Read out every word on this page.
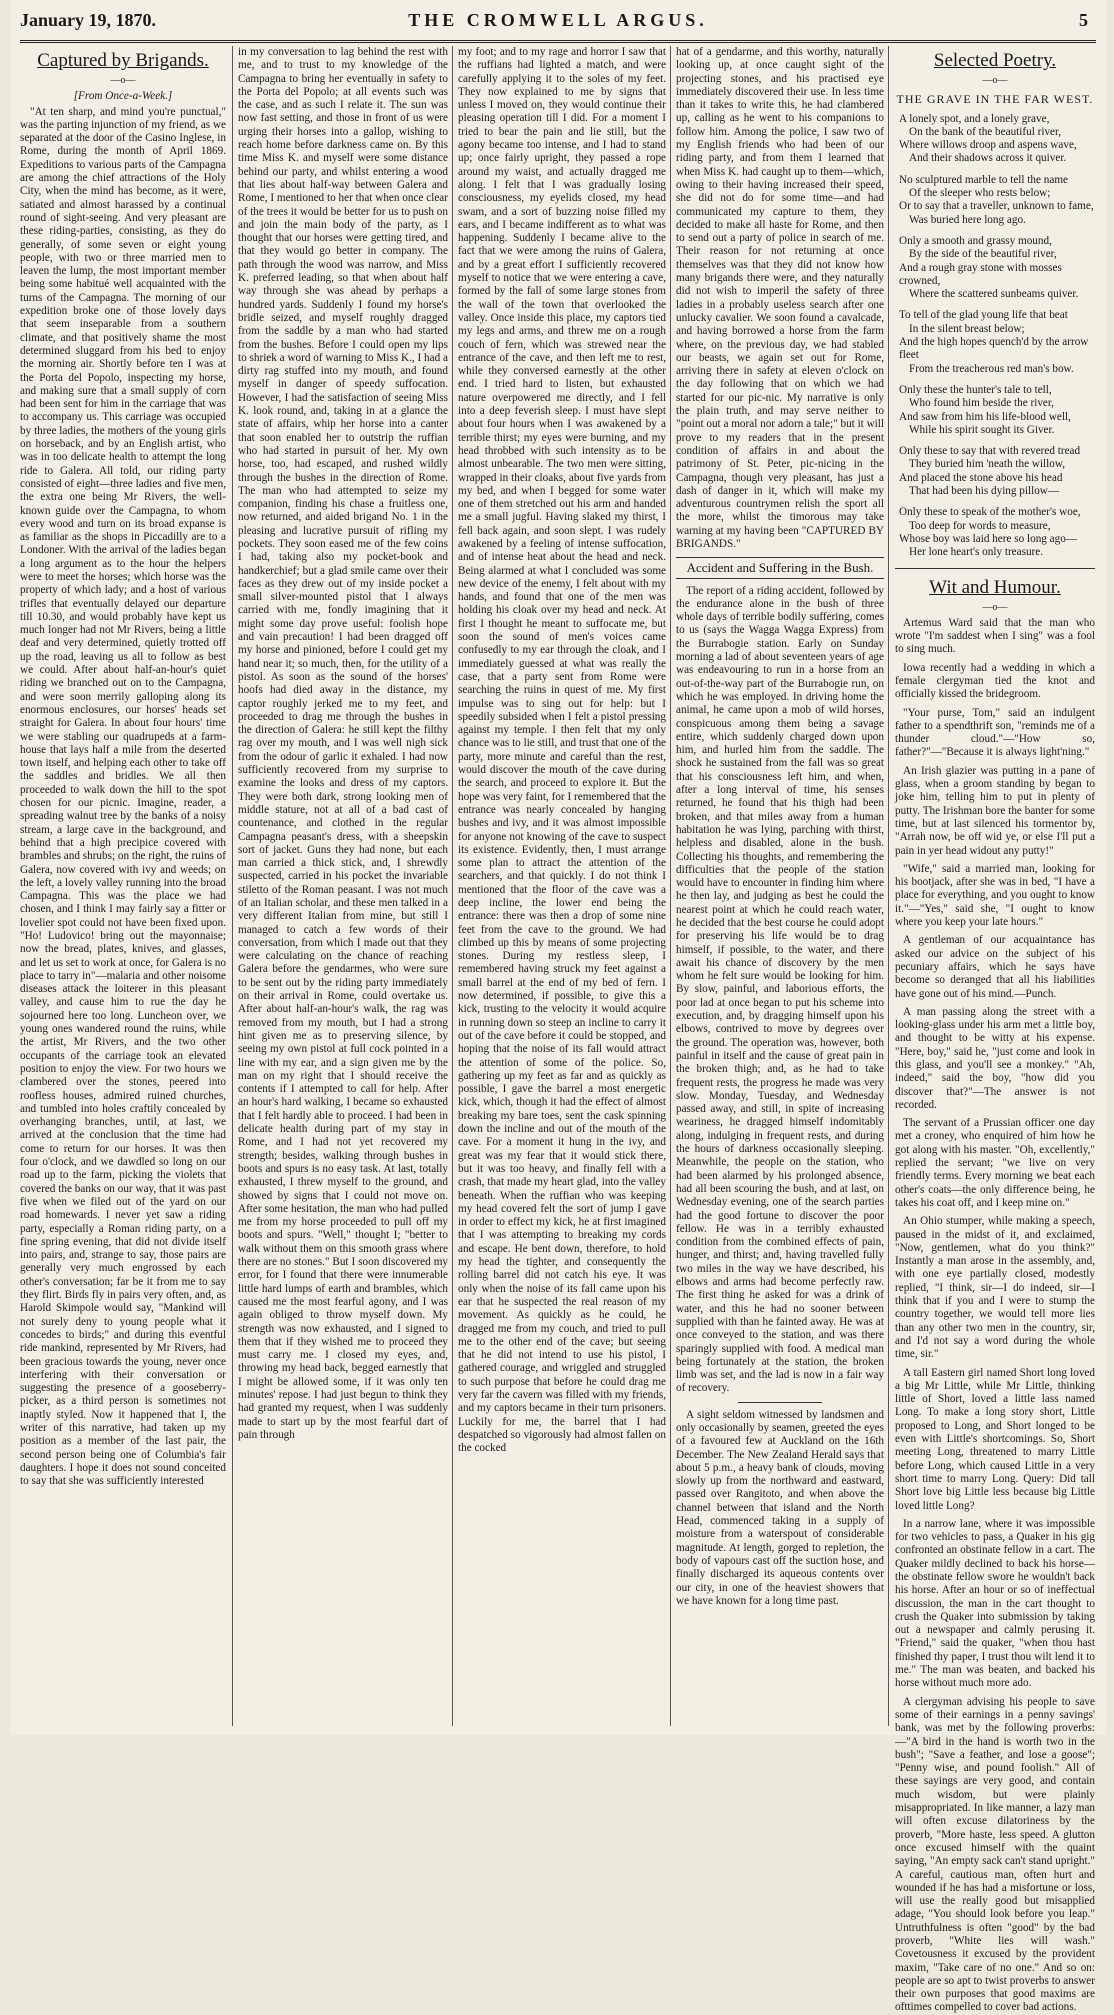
January 19, 1870.	THE CROMWELL ARGUS.	5
Captured by Brigands.
—o—
[From Once-a-Week.]

"At ten sharp, and mind you're punctual," was the parting injunction of my friend, as we separated at the door of the Casino Inglese, in Rome, during the month of April 1869. Expeditions to various parts of the Campagna are among the chief attractions of the Holy City, when the mind has become, as it were, satiated and almost harassed by a continual round of sight-seeing. And very pleasant are these riding-parties, consisting, as they do generally, of some seven or eight young people, with two or three married men to leaven the lump, the most important member being some habitué well acquainted with the turns of the Campagna. The morning of our expedition broke one of those lovely days that seem inseparable from a southern climate, and that positively shame the most determined sluggard from his bed to enjoy the morning air. Shortly before ten I was at the Porta del Popolo, inspecting my horse, and making sure that a small supply of corn had been sent for him in the carriage that was to accompany us. This carriage was occupied by three ladies, the mothers of the young girls on horseback, and by an English artist, who was in too delicate health to attempt the long ride to Galera. All told, our riding party consisted of eight—three ladies and five men, the extra one being Mr Rivers, the well-known guide over the Campagna, to whom every wood and turn on its broad expanse is as familiar as the shops in Piccadilly are to a Londoner. With the arrival of the ladies began a long argument as to the hour the helpers were to meet the horses; which horse was the property of which lady; and a host of various trifles that eventually delayed our departure till 10.30, and would probably have kept us much longer had not Mr Rivers, being a little deaf and very determined, quietly trotted off up the road, leaving us all to follow as best we could. After about half-an-hour's quiet riding we branched out on to the Campagna, and were soon merrily galloping along its enormous enclosures, our horses' heads set straight for Galera. In about four hours' time we were stabling our quadrupeds at a farm-house that lays half a mile from the deserted town itself, and helping each other to take off the saddles and bridles. We all then proceeded to walk down the hill to the spot chosen for our picnic. Imagine, reader, a spreading walnut tree by the banks of a noisy stream, a large cave in the background, and behind that a high precipice covered with brambles and shrubs; on the right, the ruins of Galera, now covered with ivy and weeds; on the left, a lovely valley running into the broad Campagna. This was the place we had chosen, and I think I may fairly say a fitter or lovelier spot could not have been fixed upon. "Ho! Ludovico! bring out the mayonnaise; now the bread, plates, knives, and glasses, and let us set to work at once, for Galera is no place to tarry in"—malaria and other noisome diseases attack the loiterer in this pleasant valley, and cause him to rue the day he sojourned here too long. Luncheon over, we young ones wandered round the ruins, while the artist, Mr Rivers, and the two other occupants of the carriage took an elevated position to enjoy the view. For two hours we clambered over the stones, peered into roofless houses, admired ruined churches, and tumbled into holes craftily concealed by overhanging branches, until, at last, we arrived at the conclusion that the time had come to return for our horses. It was then four o'clock, and we dawdled so long on our road up to the farm, picking the violets that covered the banks on our way, that it was past five when we filed out of the yard on our road homewards. I never yet saw a riding party, especially a Roman riding party, on a fine spring evening, that did not divide itself into pairs, and, strange to say, those pairs are generally very much engrossed by each other's conversation; far be it from me to say they flirt. Birds fly in pairs very often, and, as Harold Skimpole would say, "Mankind will not surely deny to young people what it concedes to birds;" and during this eventful ride mankind, represented by Mr Rivers, had been gracious towards the young, never once interfering with their conversation or suggesting the presence of a gooseberry-picker, as a third person is sometimes not inaptly styled. Now it happened that I, the writer of this narrative, had taken up my position as a member of the last pair, the second person being one of Columbia's fair daughters. I hope it does not sound conceited to say that she was sufficiently interested

in my conversation to lag behind the rest with me, and to trust to my knowledge of the Campagna to bring her eventually in safety to the Porta del Popolo; at all events such was the case, and as such I relate it. The sun was now fast setting, and those in front of us were urging their horses into a gallop, wishing to reach home before darkness came on. By this time Miss K. and myself were some distance behind our party, and whilst entering a wood that lies about half-way between Galera and Rome, I mentioned to her that when once clear of the trees it would be better for us to push on and join the main body of the party, as I thought that our horses were getting tired, and that they would go better in company. The path through the wood was narrow, and Miss K. preferred leading, so that when about half way through she was ahead by perhaps a hundred yards. Suddenly I found my horse's bridle seized, and myself roughly dragged from the saddle by a man who had started from the bushes. Before I could open my lips to shriek a word of warning to Miss K., I had a dirty rag stuffed into my mouth, and found myself in danger of speedy suffocation. However, I had the satisfaction of seeing Miss K. look round, and, taking in at a glance the state of affairs, whip her horse into a canter that soon enabled her to outstrip the ruffian who had started in pursuit of her. My own horse, too, had escaped, and rushed wildly through the bushes in the direction of Rome. The man who had attempted to seize my companion, finding his chase a fruitless one, now returned, and aided brigand No. 1 in the pleasing and lucrative pursuit of rifling my pockets. They soon eased me of the few coins I had, taking also my pocket-book and handkerchief; but a glad smile came over their faces as they drew out of my inside pocket a small silver-mounted pistol that I always carried with me, fondly imagining that it might some day prove useful: foolish hope and vain precaution! I had been dragged off my horse and pinioned, before I could get my hand near it; so much, then, for the utility of a pistol. As soon as the sound of the horses' hoofs had died away in the distance, my captor roughly jerked me to my feet, and proceeded to drag me through the bushes in the direction of Galera: he still kept the filthy rag over my mouth, and I was well nigh sick from the odour of garlic it exhaled. I had now sufficiently recovered from my surprise to examine the looks and dress of my captors. They were both dark, strong looking men of middle stature, not at all of a bad cast of countenance, and clothed in the regular Campagna peasant's dress, with a sheepskin sort of jacket. Guns they had none, but each man carried a thick stick, and, I shrewdly suspected, carried in his pocket the invariable stiletto of the Roman peasant. I was not much of an Italian scholar, and these men talked in a very different Italian from mine, but still I managed to catch a few words of their conversation, from which I made out that they were calculating on the chance of reaching Galera before the gendarmes, who were sure to be sent out by the riding party immediately on their arrival in Rome, could overtake us. After about half-an-hour's walk, the rag was removed from my mouth, but I had a strong hint given me as to preserving silence, by seeing my own pistol at full cock pointed in a line with my ear, and a sign given me by the man on my right that I should receive the contents if I attempted to call for help. After an hour's hard walking, I became so exhausted that I felt hardly able to proceed. I had been in delicate health during part of my stay in Rome, and I had not yet recovered my strength; besides, walking through bushes in boots and spurs is no easy task. At last, totally exhausted, I threw myself to the ground, and showed by signs that I could not move on. After some hesitation, the man who had pulled me from my horse proceeded to pull off my boots and spurs. "Well," thought I; "better to walk without them on this smooth grass where there are no stones." But I soon discovered my error, for I found that there were innumerable little hard lumps of earth and brambles, which caused me the most fearful agony, and I was again obliged to throw myself down. My strength was now exhausted, and I signed to them that if they wished me to proceed they must carry me. I closed my eyes, and, throwing my head back, begged earnestly that I might be allowed some, if it was only ten minutes' repose. I had just begun to think they had granted my request, when I was suddenly made to start up by the most fearful dart of pain through

my foot; and to my rage and horror I saw that the ruffians had lighted a match, and were carefully applying it to the soles of my feet. They now explained to me by signs that unless I moved on, they would continue their pleasing operation till I did. For a moment I tried to bear the pain and lie still, but the agony became too intense, and I had to stand up; once fairly upright, they passed a rope around my waist, and actually dragged me along. I felt that I was gradually losing consciousness, my eyelids closed, my head swam, and a sort of buzzing noise filled my ears, and I became indifferent as to what was happening. Suddenly I became alive to the fact that we were among the ruins of Galera, and by a great effort I sufficiently recovered myself to notice that we were entering a cave, formed by the fall of some large stones from the wall of the town that overlooked the valley. Once inside this place, my captors tied my legs and arms, and threw me on a rough couch of fern, which was strewed near the entrance of the cave, and then left me to rest, while they conversed earnestly at the other end. I tried hard to listen, but exhausted nature overpowered me directly, and I fell into a deep feverish sleep. I must have slept about four hours when I was awakened by a terrible thirst; my eyes were burning, and my head throbbed with such intensity as to be almost unbearable. The two men were sitting, wrapped in their cloaks, about five yards from my bed, and when I begged for some water one of them stretched out his arm and handed me a small jugful. Having slaked my thirst, I fell back again, and soon slept. I was rudely awakened by a feeling of intense suffocation, and of intense heat about the head and neck. Being alarmed at what I concluded was some new device of the enemy, I felt about with my hands, and found that one of the men was holding his cloak over my head and neck. At first I thought he meant to suffocate me, but soon the sound of men's voices came confusedly to my ear through the cloak, and I immediately guessed at what was really the case, that a party sent from Rome were searching the ruins in quest of me. My first impulse was to sing out for help: but I speedily subsided when I felt a pistol pressing against my temple. I then felt that my only chance was to lie still, and trust that one of the party, more minute and careful than the rest, would discover the mouth of the cave during the search, and proceed to explore it. But the hope was very faint, for I remembered that the entrance was nearly concealed by hanging bushes and ivy, and it was almost impossible for anyone not knowing of the cave to suspect its existence. Evidently, then, I must arrange some plan to attract the attention of the searchers, and that quickly. I do not think I mentioned that the floor of the cave was a deep incline, the lower end being the entrance: there was then a drop of some nine feet from the cave to the ground. We had climbed up this by means of some projecting stones. During my restless sleep, I remembered having struck my feet against a small barrel at the end of my bed of fern. I now determined, if possible, to give this a kick, trusting to the velocity it would acquire in running down so steep an incline to carry it out of the cave before it could be stopped, and hoping that the noise of its fall would attract the attention of some of the police. So, gathering up my feet as far and as quickly as possible, I gave the barrel a most energetic kick, which, though it had the effect of almost breaking my bare toes, sent the cask spinning down the incline and out of the mouth of the cave. For a moment it hung in the ivy, and great was my fear that it would stick there, but it was too heavy, and finally fell with a crash, that made my heart glad, into the valley beneath. When the ruffian who was keeping my head covered felt the sort of jump I gave in order to effect my kick, he at first imagined that I was attempting to breaking my cords and escape. He bent down, therefore, to hold my head the tighter, and consequently the rolling barrel did not catch his eye. It was only when the noise of its fall came upon his ear that he suspected the real reason of my movement. As quickly as he could, he dragged me from my couch, and tried to pull me to the other end of the cave; but seeing that he did not intend to use his pistol, I gathered courage, and wriggled and struggled to such purpose that before he could drag me very far the cavern was filled with my friends, and my captors became in their turn prisoners. Luckily for me, the barrel that I had despatched so vigorously had almost fallen on the cocked

hat of a gendarme, and this worthy, naturally looking up, at once caught sight of the projecting stones, and his practised eye immediately discovered their use. In less time than it takes to write this, he had clambered up, calling as he went to his companions to follow him. Among the police, I saw two of my English friends who had been of our riding party, and from them I learned that when Miss K. had caught up to them—which, owing to their having increased their speed, she did not do for some time—and had communicated my capture to them, they decided to make all haste for Rome, and then to send out a party of police in search of me. Their reason for not returning at once themselves was that they did not know how many brigands there were, and they naturally did not wish to imperil the safety of three ladies in a probably useless search after one unlucky cavalier. We soon found a cavalcade, and having borrowed a horse from the farm where, on the previous day, we had stabled our beasts, we again set out for Rome, arriving there in safety at eleven o'clock on the day following that on which we had started for our pic-nic. My narrative is only the plain truth, and may serve neither to "point out a moral nor adorn a tale;" but it will prove to my readers that in the present condition of affairs in and about the patrimony of St. Peter, pic-nicing in the Campagna, though very pleasant, has just a dash of danger in it, which will make my adventurous countrymen relish the sport all the more, whilst the timorous may take warning at my having been "CAPTURED BY BRIGANDS."

Accident and Suffering in the Bush.

The report of a riding accident, followed by the endurance alone in the bush of three whole days of terrible bodily suffering, comes to us (says the Wagga Wagga Express) from the Burrabogie station. Early on Sunday morning a lad of about seventeen years of age was endeavouring to run in a horse from an out-of-the-way part of the Burrabogie run, on which he was employed. In driving home the animal, he came upon a mob of wild horses, conspicuous among them being a savage entire, which suddenly charged down upon him, and hurled him from the saddle. The shock he sustained from the fall was so great that his consciousness left him, and when, after a long interval of time, his senses returned, he found that his thigh had been broken, and that miles away from a human habitation he was lying, parching with thirst, helpless and disabled, alone in the bush. Collecting his thoughts, and remembering the difficulties that the people of the station would have to encounter in finding him where he then lay, and judging as best he could the nearest point at which he could reach water, he decided that the best course he could adopt for preserving his life would be to drag himself, if possible, to the water, and there await his chance of discovery by the men whom he felt sure would be looking for him. By slow, painful, and laborious efforts, the poor lad at once began to put his scheme into execution, and, by dragging himself upon his elbows, contrived to move by degrees over the ground. The operation was, however, both painful in itself and the cause of great pain in the broken thigh; and, as he had to take frequent rests, the progress he made was very slow. Monday, Tuesday, and Wednesday passed away, and still, in spite of increasing weariness, he dragged himself indomitably along, indulging in frequent rests, and during the hours of darkness occasionally sleeping. Meanwhile, the people on the station, who had been alarmed by his prolonged absence, had all been scouring the bush, and at last, on Wednesday evening, one of the search parties had the good fortune to discover the poor fellow. He was in a terribly exhausted condition from the combined effects of pain, hunger, and thirst; and, having travelled fully two miles in the way we have described, his elbows and arms had become perfectly raw. The first thing he asked for was a drink of water, and this he had no sooner between supplied with than he fainted away. He was at once conveyed to the station, and was there sparingly supplied with food. A medical man being fortunately at the station, the broken limb was set, and the lad is now in a fair way of recovery.

A sight seldom witnessed by landsmen and only occasionally by seamen, greeted the eyes of a favoured few at Auckland on the 16th December. The New Zealand Herald says that about 5 p.m., a heavy bank of clouds, moving slowly up from the northward and eastward, passed over Rangitoto, and when above the channel between that island and the North Head, commenced taking in a supply of moisture from a waterspout of considerable magnitude. At length, gorged to repletion, the body of vapours cast off the suction hose, and finally discharged its aqueous contents over our city, in one of the heaviest showers that we have known for a long time past.

Selected Poetry.
—o—
THE GRAVE IN THE FAR WEST.
A lonely spot, and a lonely grave,
On the bank of the beautiful river,
Where willows droop and aspens wave,
And their shadows across it quiver.
No sculptured marble to tell the name
Of the sleeper who rests below;
Or to say that a traveller, unknown to fame,
Was buried here long ago.
Only a smooth and grassy mound,
By the side of the beautiful river,
And a rough gray stone with mosses crowned,
Where the scattered sunbeams quiver.
To tell of the glad young life that beat
In the silent breast below;
And the high hopes quench'd by the arrow fleet
From the treacherous red man's bow.
Only these the hunter's tale to tell,
Who found him beside the river,
And saw from him his life-blood well,
While his spirit sought its Giver.
Only these to say that with revered tread
They buried him 'neath the willow,
And placed the stone above his head
That had been his dying pillow—
Only these to speak of the mother's woe,
Too deep for words to measure,
Whose boy was laid here so long ago—
Her lone heart's only treasure.
Wit and Humour.
—o—

Artemus Ward said that the man who wrote "I'm saddest when I sing" was a fool to sing much.

Iowa recently had a wedding in which a female clergyman tied the knot and officially kissed the bridegroom.

"Your purse, Tom," said an indulgent father to a spendthrift son, "reminds me of a thunder cloud."—"How so, father?"—"Because it is always light'ning."

An Irish glazier was putting in a pane of glass, when a groom standing by began to joke him, telling him to put in plenty of putty. The Irishman bore the banter for some time, but at last silenced his tormentor by, "Arrah now, be off wid ye, or else I'll put a pain in yer head widout any putty!"

"Wife," said a married man, looking for his bootjack, after she was in bed, "I have a place for everything, and you ought to know it."—"Yes," said she, "I ought to know where you keep your late hours."

A gentleman of our acquaintance has asked our advice on the subject of his pecuniary affairs, which he says have become so deranged that all his liabilities have gone out of his mind.—Punch.

A man passing along the street with a looking-glass under his arm met a little boy, and thought to be witty at his expense. "Here, boy," said he, "just come and look in this glass, and you'll see a monkey." "Ah, indeed," said the boy, "how did you discover that?"—The answer is not recorded.

The servant of a Prussian officer one day met a croney, who enquired of him how he got along with his master. "Oh, excellently," replied the servant; "we live on very friendly terms. Every morning we beat each other's coats—the only difference being, he takes his coat off, and I keep mine on."

An Ohio stumper, while making a speech, paused in the midst of it, and exclaimed, "Now, gentlemen, what do you think?" Instantly a man arose in the assembly, and, with one eye partially closed, modestly replied, "I think, sir—I do indeed, sir—I think that if you and I were to stump the country together, we would tell more lies than any other two men in the country, sir, and I'd not say a word during the whole time, sir."

A tall Eastern girl named Short long loved a big Mr Little, while Mr Little, thinking little of Short, loved a little lass named Long. To make a long story short, Little proposed to Long, and Short longed to be even with Little's shortcomings. So, Short meeting Long, threatened to marry Little before Long, which caused Little in a very short time to marry Long. Query: Did tall Short love big Little less because big Little loved little Long?

In a narrow lane, where it was impossible for two vehicles to pass, a Quaker in his gig confronted an obstinate fellow in a cart. The Quaker mildly declined to back his horse—the obstinate fellow swore he wouldn't back his horse. After an hour or so of ineffectual discussion, the man in the cart thought to crush the Quaker into submission by taking out a newspaper and calmly perusing it. "Friend," said the quaker, "when thou hast finished thy paper, I trust thou wilt lend it to me." The man was beaten, and backed his horse without much more ado.

A clergyman advising his people to save some of their earnings in a penny savings' bank, was met by the following proverbs:—"A bird in the hand is worth two in the bush"; "Save a feather, and lose a goose"; "Penny wise, and pound foolish." All of these sayings are very good, and contain much wisdom, but were plainly misappropriated. In like manner, a lazy man will often excuse dilatoriness by the proverb, "More haste, less speed. A glutton once excused himself with the quaint saying, "An empty sack can't stand upright." A careful, cautious man, often hurt and wounded if he has had a misfortune or loss, will use the really good but misapplied adage, "You should look before you leap." Untruthfulness is often "good" by the bad proverb, "White lies will wash." Covetousness it excused by the provident maxim, "Take care of no one." And so on: people are so apt to twist proverbs to answer their own purposes that good maxims are ofttimes compelled to cover bad actions.
